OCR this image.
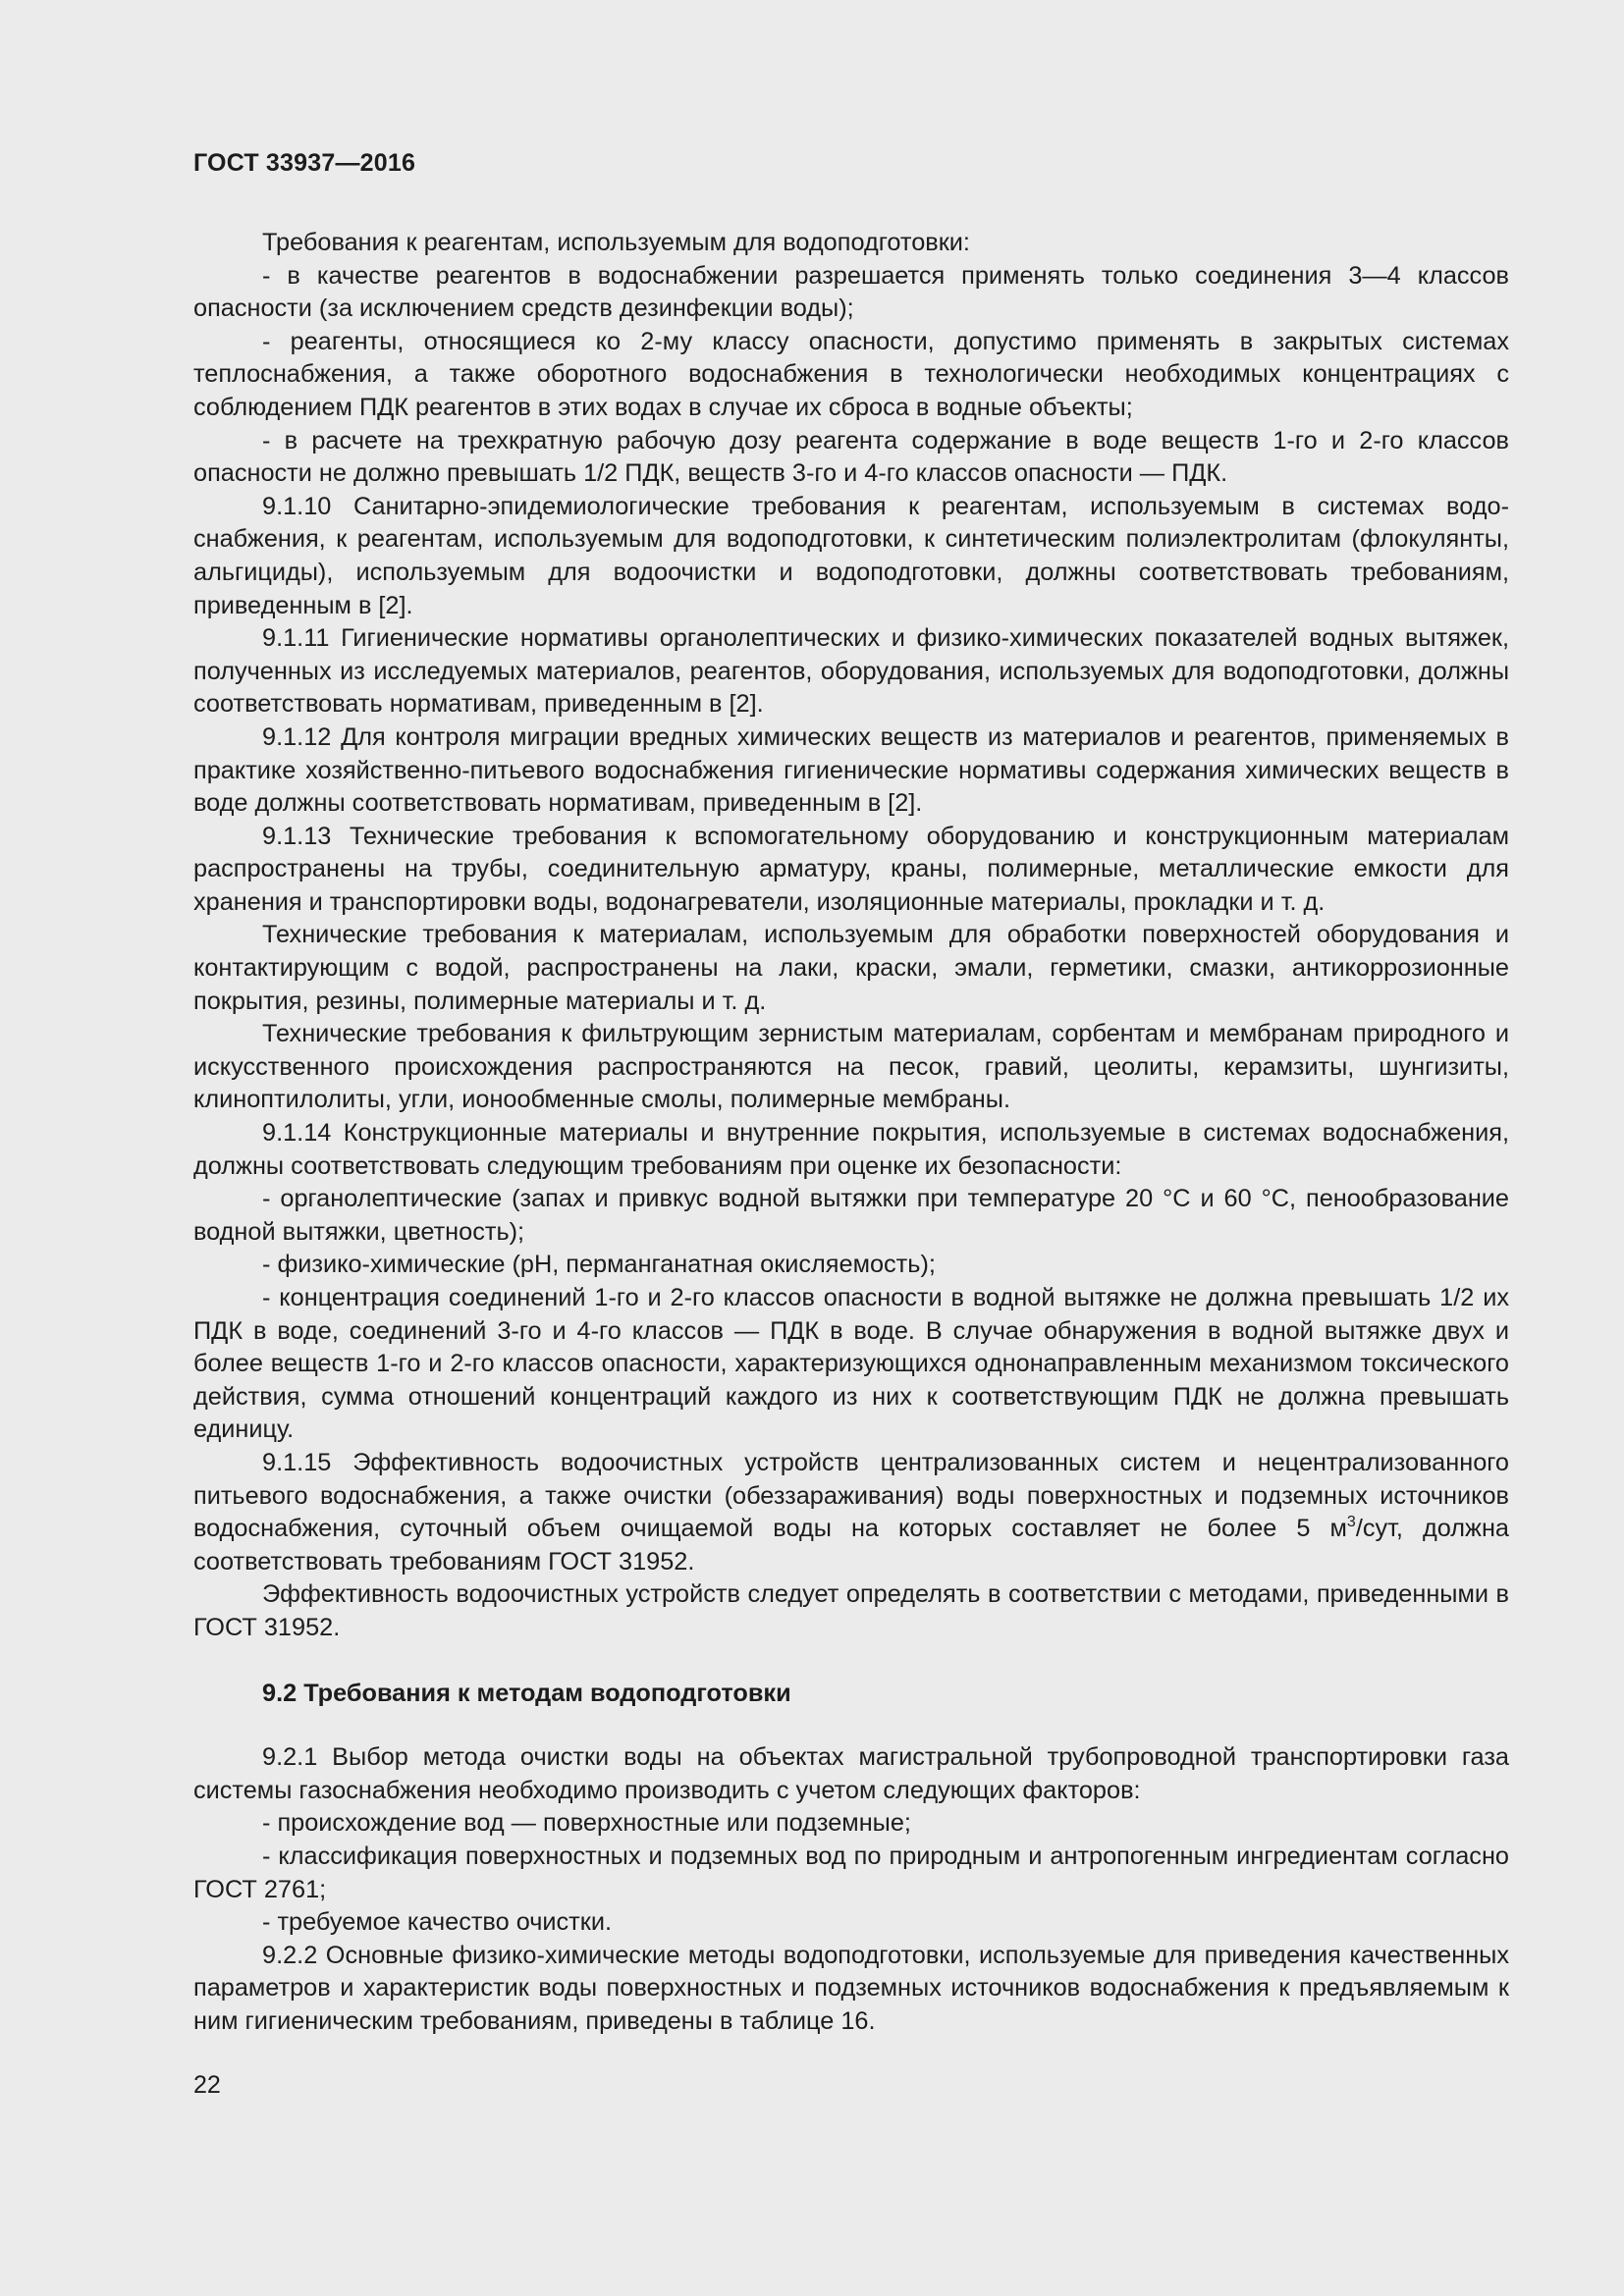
ГОСТ 33937—2016

Требования к реагентам, используемым для водоподготовки:

- в качестве реагентов в водоснабжении разрешается применять только соединения 3—4 классов опасности (за исключением средств дезинфекции воды);

- реагенты, относящиеся ко 2-му классу опасности, допустимо применять в закрытых системах теплоснабжения, а также оборотного водоснабжения в технологически необходимых концентрациях с соблюдением ПДК реагентов в этих водах в случае их сброса в водные объекты;

- в расчете на трехкратную рабочую дозу реагента содержание в воде веществ 1-го и 2-го классов опасности не должно превышать 1/2 ПДК, веществ 3-го и 4-го классов опасности — ПДК.

9.1.10 Санитарно-эпидемиологические требования к реагентам, используемым в системах водоснабжения, к реагентам, используемым для водоподготовки, к синтетическим полиэлектролитам (флокулянты, альгициды), используемым для водоочистки и водоподготовки, должны соответствовать требованиям, приведенным в [2].

9.1.11 Гигиенические нормативы органолептических и физико-химических показателей водных вытяжек, полученных из исследуемых материалов, реагентов, оборудования, используемых для водоподготовки, должны соответствовать нормативам, приведенным в [2].

9.1.12 Для контроля миграции вредных химических веществ из материалов и реагентов, применяемых в практике хозяйственно-питьевого водоснабжения гигиенические нормативы содержания химических веществ в воде должны соответствовать нормативам, приведенным в [2].

9.1.13 Технические требования к вспомогательному оборудованию и конструкционным материалам распространены на трубы, соединительную арматуру, краны, полимерные, металлические емкости для хранения и транспортировки воды, водонагреватели, изоляционные материалы, прокладки и т. д.

Технические требования к материалам, используемым для обработки поверхностей оборудования и контактирующим с водой, распространены на лаки, краски, эмали, герметики, смазки, антикоррозионные покрытия, резины, полимерные материалы и т. д.

Технические требования к фильтрующим зернистым материалам, сорбентам и мембранам природного и искусственного происхождения распространяются на песок, гравий, цеолиты, керамзиты, шунгизиты, клиноптилолиты, угли, ионообменные смолы, полимерные мембраны.

9.1.14 Конструкционные материалы и внутренние покрытия, используемые в системах водоснабжения, должны соответствовать следующим требованиям при оценке их безопасности:

- органолептические (запах и привкус водной вытяжки при температуре 20 °С и 60 °С, пенообразование водной вытяжки, цветность);

- физико-химические (рН, перманганатная окисляемость);

- концентрация соединений 1-го и 2-го классов опасности в водной вытяжке не должна превышать 1/2 их ПДК в воде, соединений 3-го и 4-го классов — ПДК в воде. В случае обнаружения в водной вытяжке двух и более веществ 1-го и 2-го классов опасности, характеризующихся однонаправленным механизмом токсического действия, сумма отношений концентраций каждого из них к соответствующим ПДК не должна превышать единицу.

9.1.15 Эффективность водоочистных устройств централизованных систем и нецентрализованного питьевого водоснабжения, а также очистки (обеззараживания) воды поверхностных и подземных источников водоснабжения, суточный объем очищаемой воды на которых составляет не более 5 $м^3$/сут, должна соответствовать требованиям ГОСТ 31952.

Эффективность водоочистных устройств следует определять в соответствии с методами, приведенными в ГОСТ 31952.

9.2 Требования к методам водоподготовки

9.2.1 Выбор метода очистки воды на объектах магистральной трубопроводной транспортировки газа системы газоснабжения необходимо производить с учетом следующих факторов:

- происхождение вод — поверхностные или подземные;

- классификация поверхностных и подземных вод по природным и антропогенным ингредиентам согласно ГОСТ 2761;

- требуемое качество очистки.

9.2.2 Основные физико-химические методы водоподготовки, используемые для приведения качественных параметров и характеристик воды поверхностных и подземных источников водоснабжения к предъявляемым к ним гигиеническим требованиям, приведены в таблице 16.

22
